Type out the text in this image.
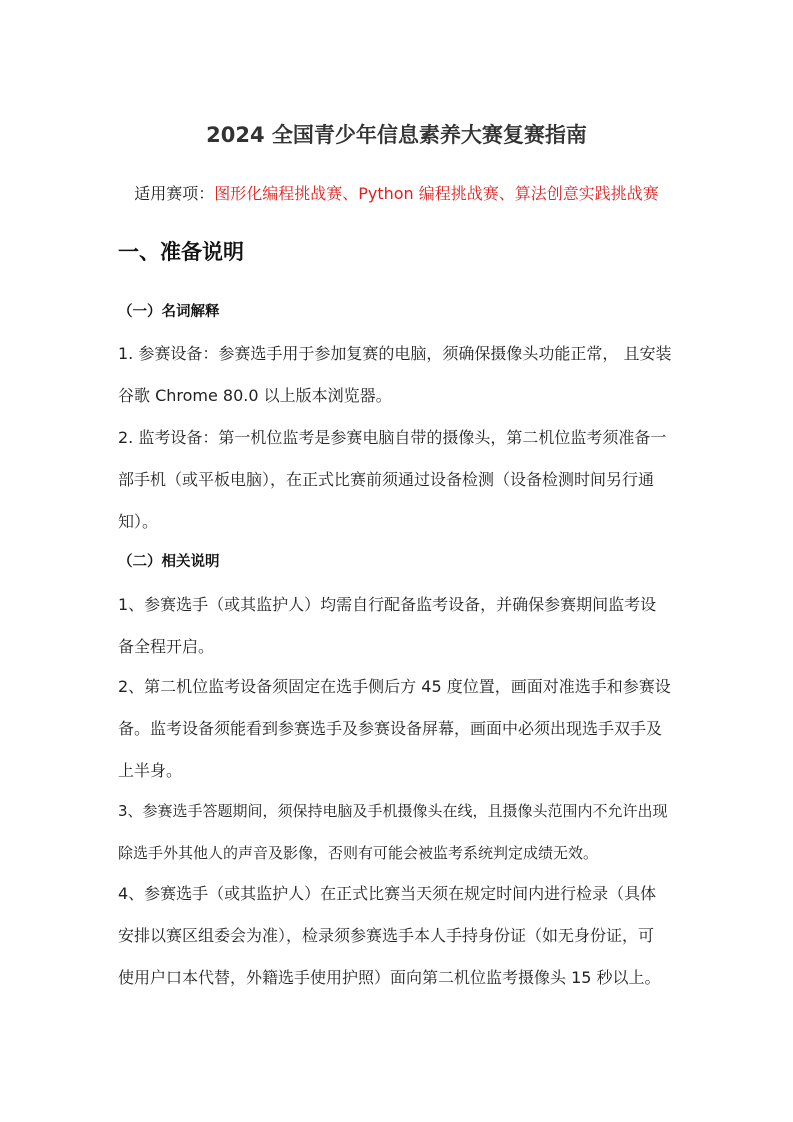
2024 全国青少年信息素养大赛复赛指南
适用赛项：图形化编程挑战赛、Python 编程挑战赛、算法创意实践挑战赛
一、准备说明
（一）名词解释
1. 参赛设备：参赛选手用于参加复赛的电脑，须确保摄像头功能正常， 且安装
谷歌 Chrome 80.0 以上版本浏览器。
2. 监考设备：第一机位监考是参赛电脑自带的摄像头，第二机位监考须准备一
部手机（或平板电脑），在正式比赛前须通过设备检测（设备检测时间另行通
知）。
（二）相关说明
1、参赛选手（或其监护人）均需自行配备监考设备，并确保参赛期间监考设
备全程开启。
2、第二机位监考设备须固定在选手侧后方 45 度位置，画面对准选手和参赛设
备。监考设备须能看到参赛选手及参赛设备屏幕，画面中必须出现选手双手及
上半身。
3、参赛选手答题期间，须保持电脑及手机摄像头在线，且摄像头范围内不允许出现
除选手外其他人的声音及影像，否则有可能会被监考系统判定成绩无效。
4、参赛选手（或其监护人）在正式比赛当天须在规定时间内进行检录（具体
安排以赛区组委会为准），检录须参赛选手本人手持身份证（如无身份证，可
使用户口本代替，外籍选手使用护照）面向第二机位监考摄像头 15 秒以上。
